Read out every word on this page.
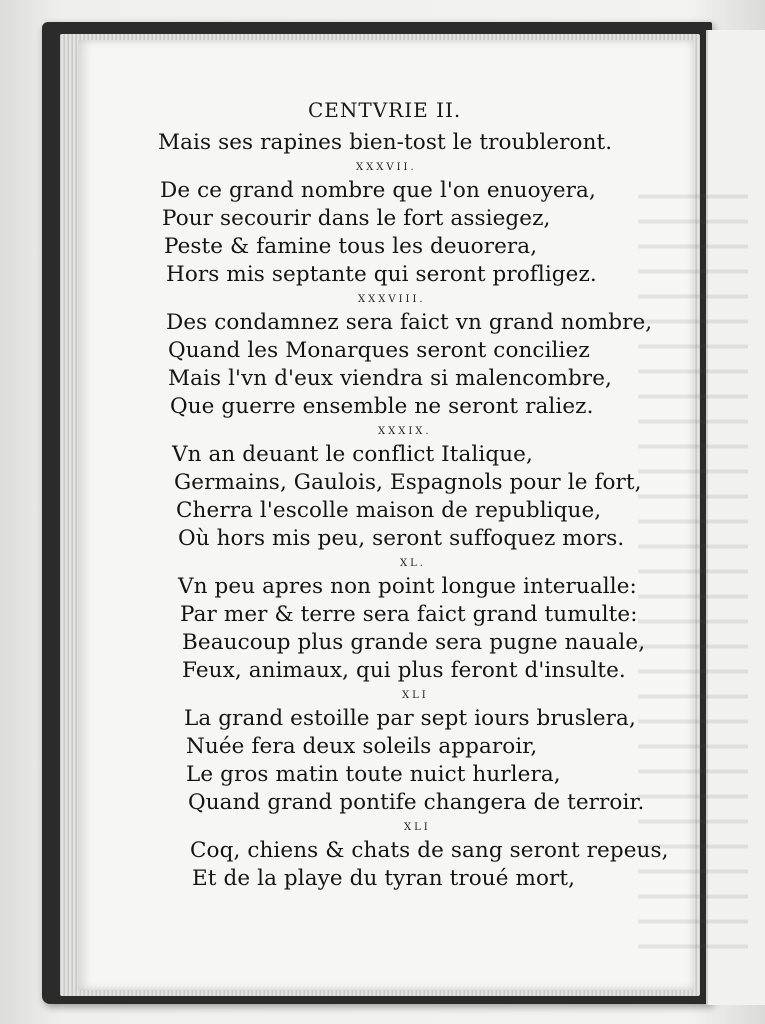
CENTVRIE II.
Mais ses rapines bien-tost le troubleront.
XXXVII.
De ce grand nombre que l'on enuoyera,
Pour secourir dans le fort assiegez,
Peste & famine tous les deuorera,
Hors mis septante qui seront profligez.
XXXVIII.
Des condamnez sera faict vn grand nombre,
Quand les Monarques seront conciliez
Mais l'vn d'eux viendra si malencombre,
Que guerre ensemble ne seront raliez.
XXXIX.
Vn an deuant le conflict Italique,
Germains, Gaulois, Espagnols pour le fort,
Cherra l'escolle maison de republique,
Où hors mis peu, seront suffoquez mors.
XL.
Vn peu apres non point longue interualle:
Par mer & terre sera faict grand tumulte:
Beaucoup plus grande sera pugne nauale,
Feux, animaux, qui plus feront d'insulte.
XLI
La grand estoille par sept iours bruslera,
Nuée fera deux soleils apparoir,
Le gros matin toute nuict hurlera,
Quand grand pontife changera de terroir.
XLI
Coq, chiens & chats de sang seront repeus,
Et de la playe du tyran troué mort,
